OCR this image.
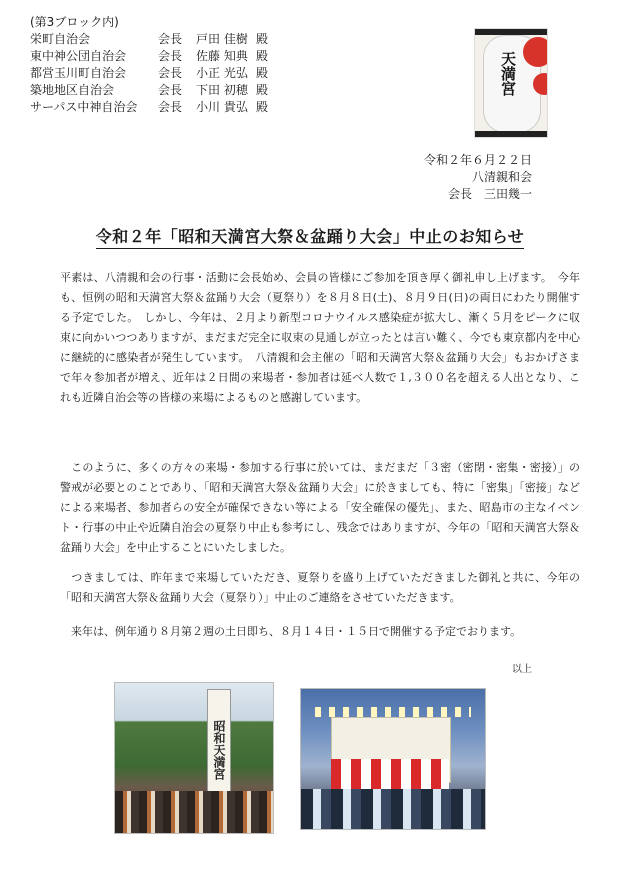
(第3ブロック内)
栄町自治会	会長 戸田 佳樹 殿
東中神公団自治会	会長 佐藤 知典 殿
都営玉川町自治会	会長 小正 光弘 殿
築地地区自治会	会長 下田 初穂 殿
サーパス中神自治会 会長 小川 貴弘 殿
天満宮
令和２年６月２２日
八清親和会
会長　三田幾一
令和２年「昭和天満宮大祭＆盆踊り大会」中止のお知らせ
平素は、八清親和会の行事・活動に会長始め、会員の皆様にご参加を頂き厚く御礼申し上げます。　今年も、恒例の昭和天満宮大祭＆盆踊り大会（夏祭り）を８月８日(土)、８月９日(日)の両日にわたり開催する予定でした。　しかし、今年は、２月より新型コロナウイルス感染症が拡大し、漸く５月をピークに収束に向かいつつありますが、まだまだ完全に収束の見通しが立ったとは言い難く、今でも東京都内を中心に継続的に感染者が発生しています。　八清親和会主催の「昭和天満宮大祭＆盆踊り大会」もおかげさまで年々参加者が増え、近年は２日間の来場者・参加者は延べ人数で１,３００名を超える人出となり、これも近隣自治会等の皆様の来場によるものと感謝しています。
　このように、多くの方々の来場・参加する行事に於いては、まだまだ「３密（密閉・密集・密接）」の警戒が必要とのことであり、「昭和天満宮大祭＆盆踊り大会」に於きましても、特に「密集」「密接」などによる来場者、参加者らの安全が確保できない等による「安全確保の優先」、また、昭島市の主なイベント・行事の中止や近隣自治会の夏祭り中止も参考にし、残念ではありますが、今年の「昭和天満宮大祭＆盆踊り大会」を中止することにいたしました。
　つきましては、昨年まで来場していただき、夏祭りを盛り上げていただきました御礼と共に、今年の「昭和天満宮大祭＆盆踊り大会（夏祭り）」中止のご連絡をさせていただきます。
　来年は、例年通り８月第２週の土日即ち、８月１４日・１５日で開催する予定でおります。
以上
昭和天満宮
